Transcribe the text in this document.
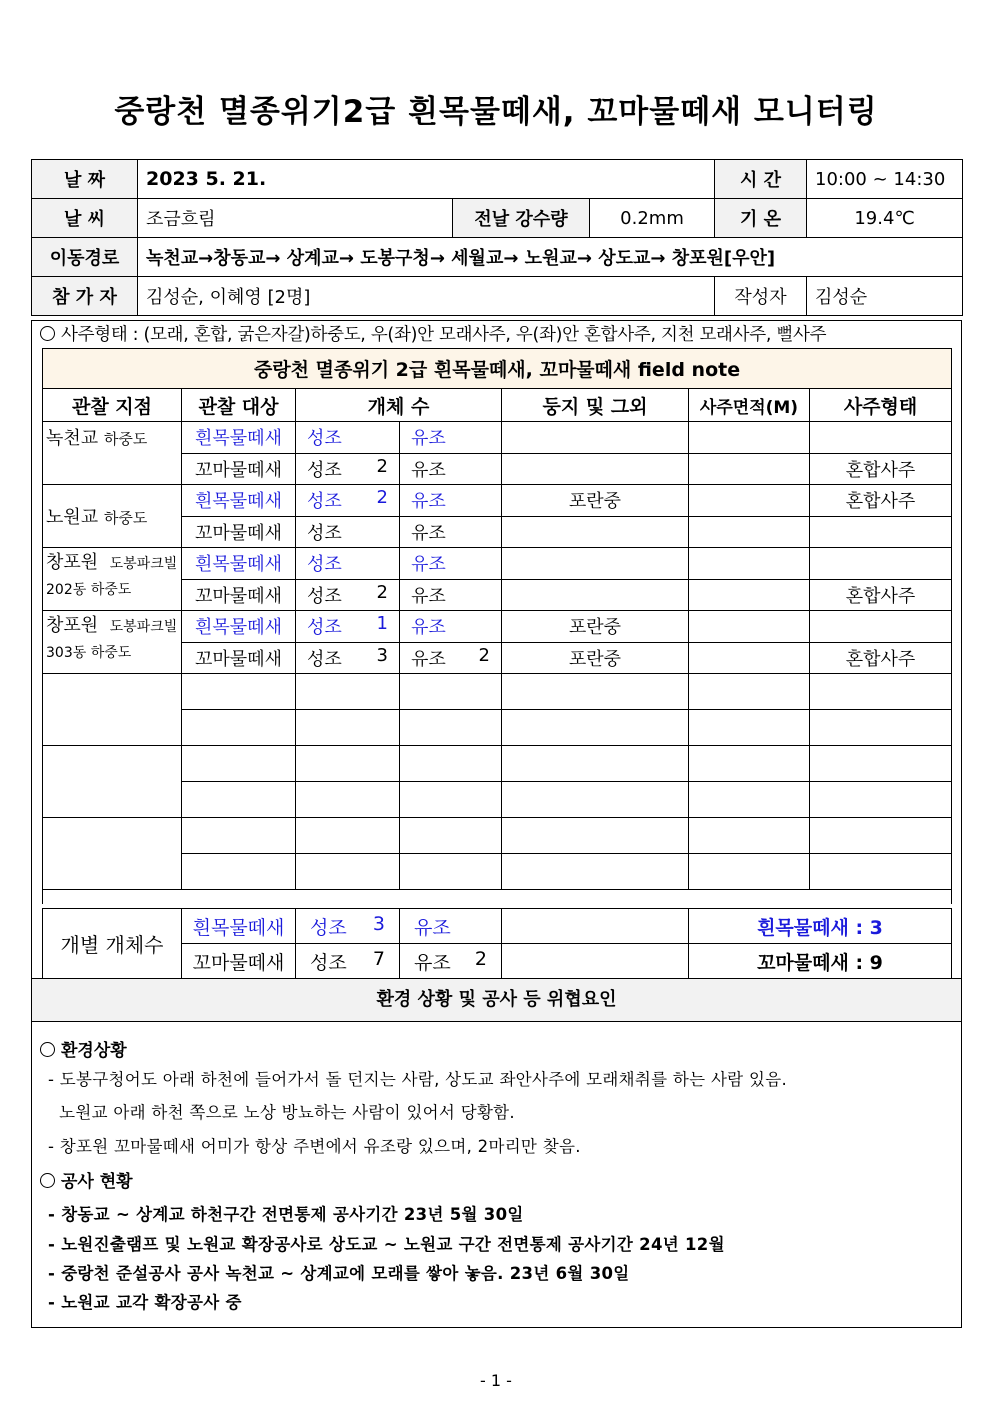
중랑천 멸종위기2급 흰목물떼새, 꼬마물떼새 모니터링
날 짜	2023 5. 21.			시 간	10:00 ~ 14:30
날 씨	조금흐림	전날 강수량	0.2mm	기 온	19.4℃
이동경로	녹천교→창동교→ 상계교→ 도봉구청→ 세월교→ 노원교→ 상도교→ 창포원[우안]				
참 가 자	김성순, 이혜영 [2명]			작성자	김성순
사주형태 : (모래, 혼합, 굵은자갈)하중도, 우(좌)안 모래사주, 우(좌)안 혼합사주, 지천 모래사주, 뻘사주
중랑천 멸종위기 2급 흰목물떼새, 꼬마물떼새 field note						
관찰 지점	관찰 대상	개체 수		둥지 및 그외	사주면적(M)	사주형태
녹천교 하중도	흰목물떼새	성조	유조			

	꼬마물떼새	성조 2	유조			혼합사주
노원교 하중도	흰목물떼새	성조 2	유조	포란중		혼합사주
	꼬마물떼새	성조	유조			

창포원 도봉파크빌
202동 하중도	흰목물떼새	성조	유조			

	꼬마물떼새	성조 2	유조			혼합사주
창포원 도봉파크빌
303동 하중도	흰목물떼새	성조 1	유조	포란중		
	꼬마물떼새	성조 3	유조 2	포란중		혼합사주

개별 개체수	흰목물떼새	성조 3	유조		흰목물떼새 : 3
	꼬마물떼새	성조 7	유조 2		꼬마물떼새 : 9
환경 상황 및 공사 등 위협요인
환경상황
- 도봉구청어도 아래 하천에 들어가서 돌 던지는 사람, 상도교 좌안사주에 모래채취를 하는 사람 있음.
노원교 아래 하천 쪽으로 노상 방뇨하는 사람이 있어서 당황함.
- 창포원 꼬마물떼새 어미가 항상 주변에서 유조랑 있으며, 2마리만 찾음.
공사 현황
- 창동교 ~ 상계교 하천구간 전면통제 공사기간 23년 5월 30일
- 노원진출램프 및 노원교 확장공사로 상도교 ~ 노원교 구간 전면통제 공사기간 24년 12월
- 중랑천 준설공사 공사 녹천교 ~ 상계교에 모래를 쌓아 놓음. 23년 6월 30일
- 노원교 교각 확장공사 중
- 1 -
